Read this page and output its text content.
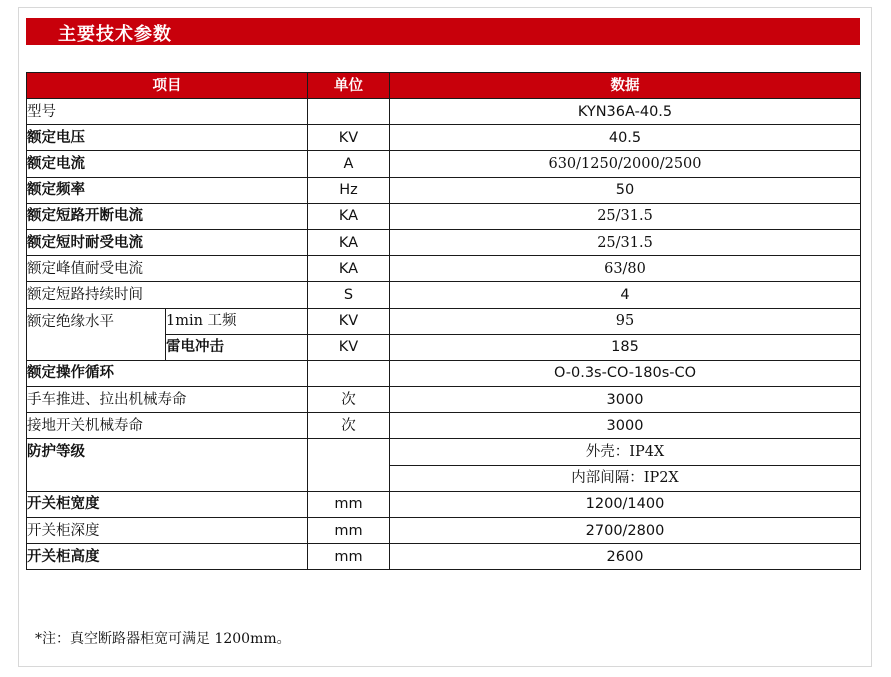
主要技术参数
项目		单位	数据
型号			KYN36A-40.5
额定电压		KV	40.5
额定电流		A	630/1250/2000/2500
额定频率		Hz	50
额定短路开断电流		KA	25/31.5
额定短时耐受电流		KA	25/31.5
额定峰值耐受电流		KA	63/80
额定短路持续时间		S	4
额定绝缘水平	1min 工频	KV	95
	雷电冲击	KV	185
额定操作循环			O-0.3s-CO-180s-CO
手车推进、拉出机械寿命		次	3000
接地开关机械寿命		次	3000
防护等级			外壳：IP4X
			内部间隔：IP2X
开关柜宽度		mm	1200/1400
开关柜深度		mm	2700/2800
开关柜高度		mm	2600
*注：真空断路器柜宽可满足 1200mm。
